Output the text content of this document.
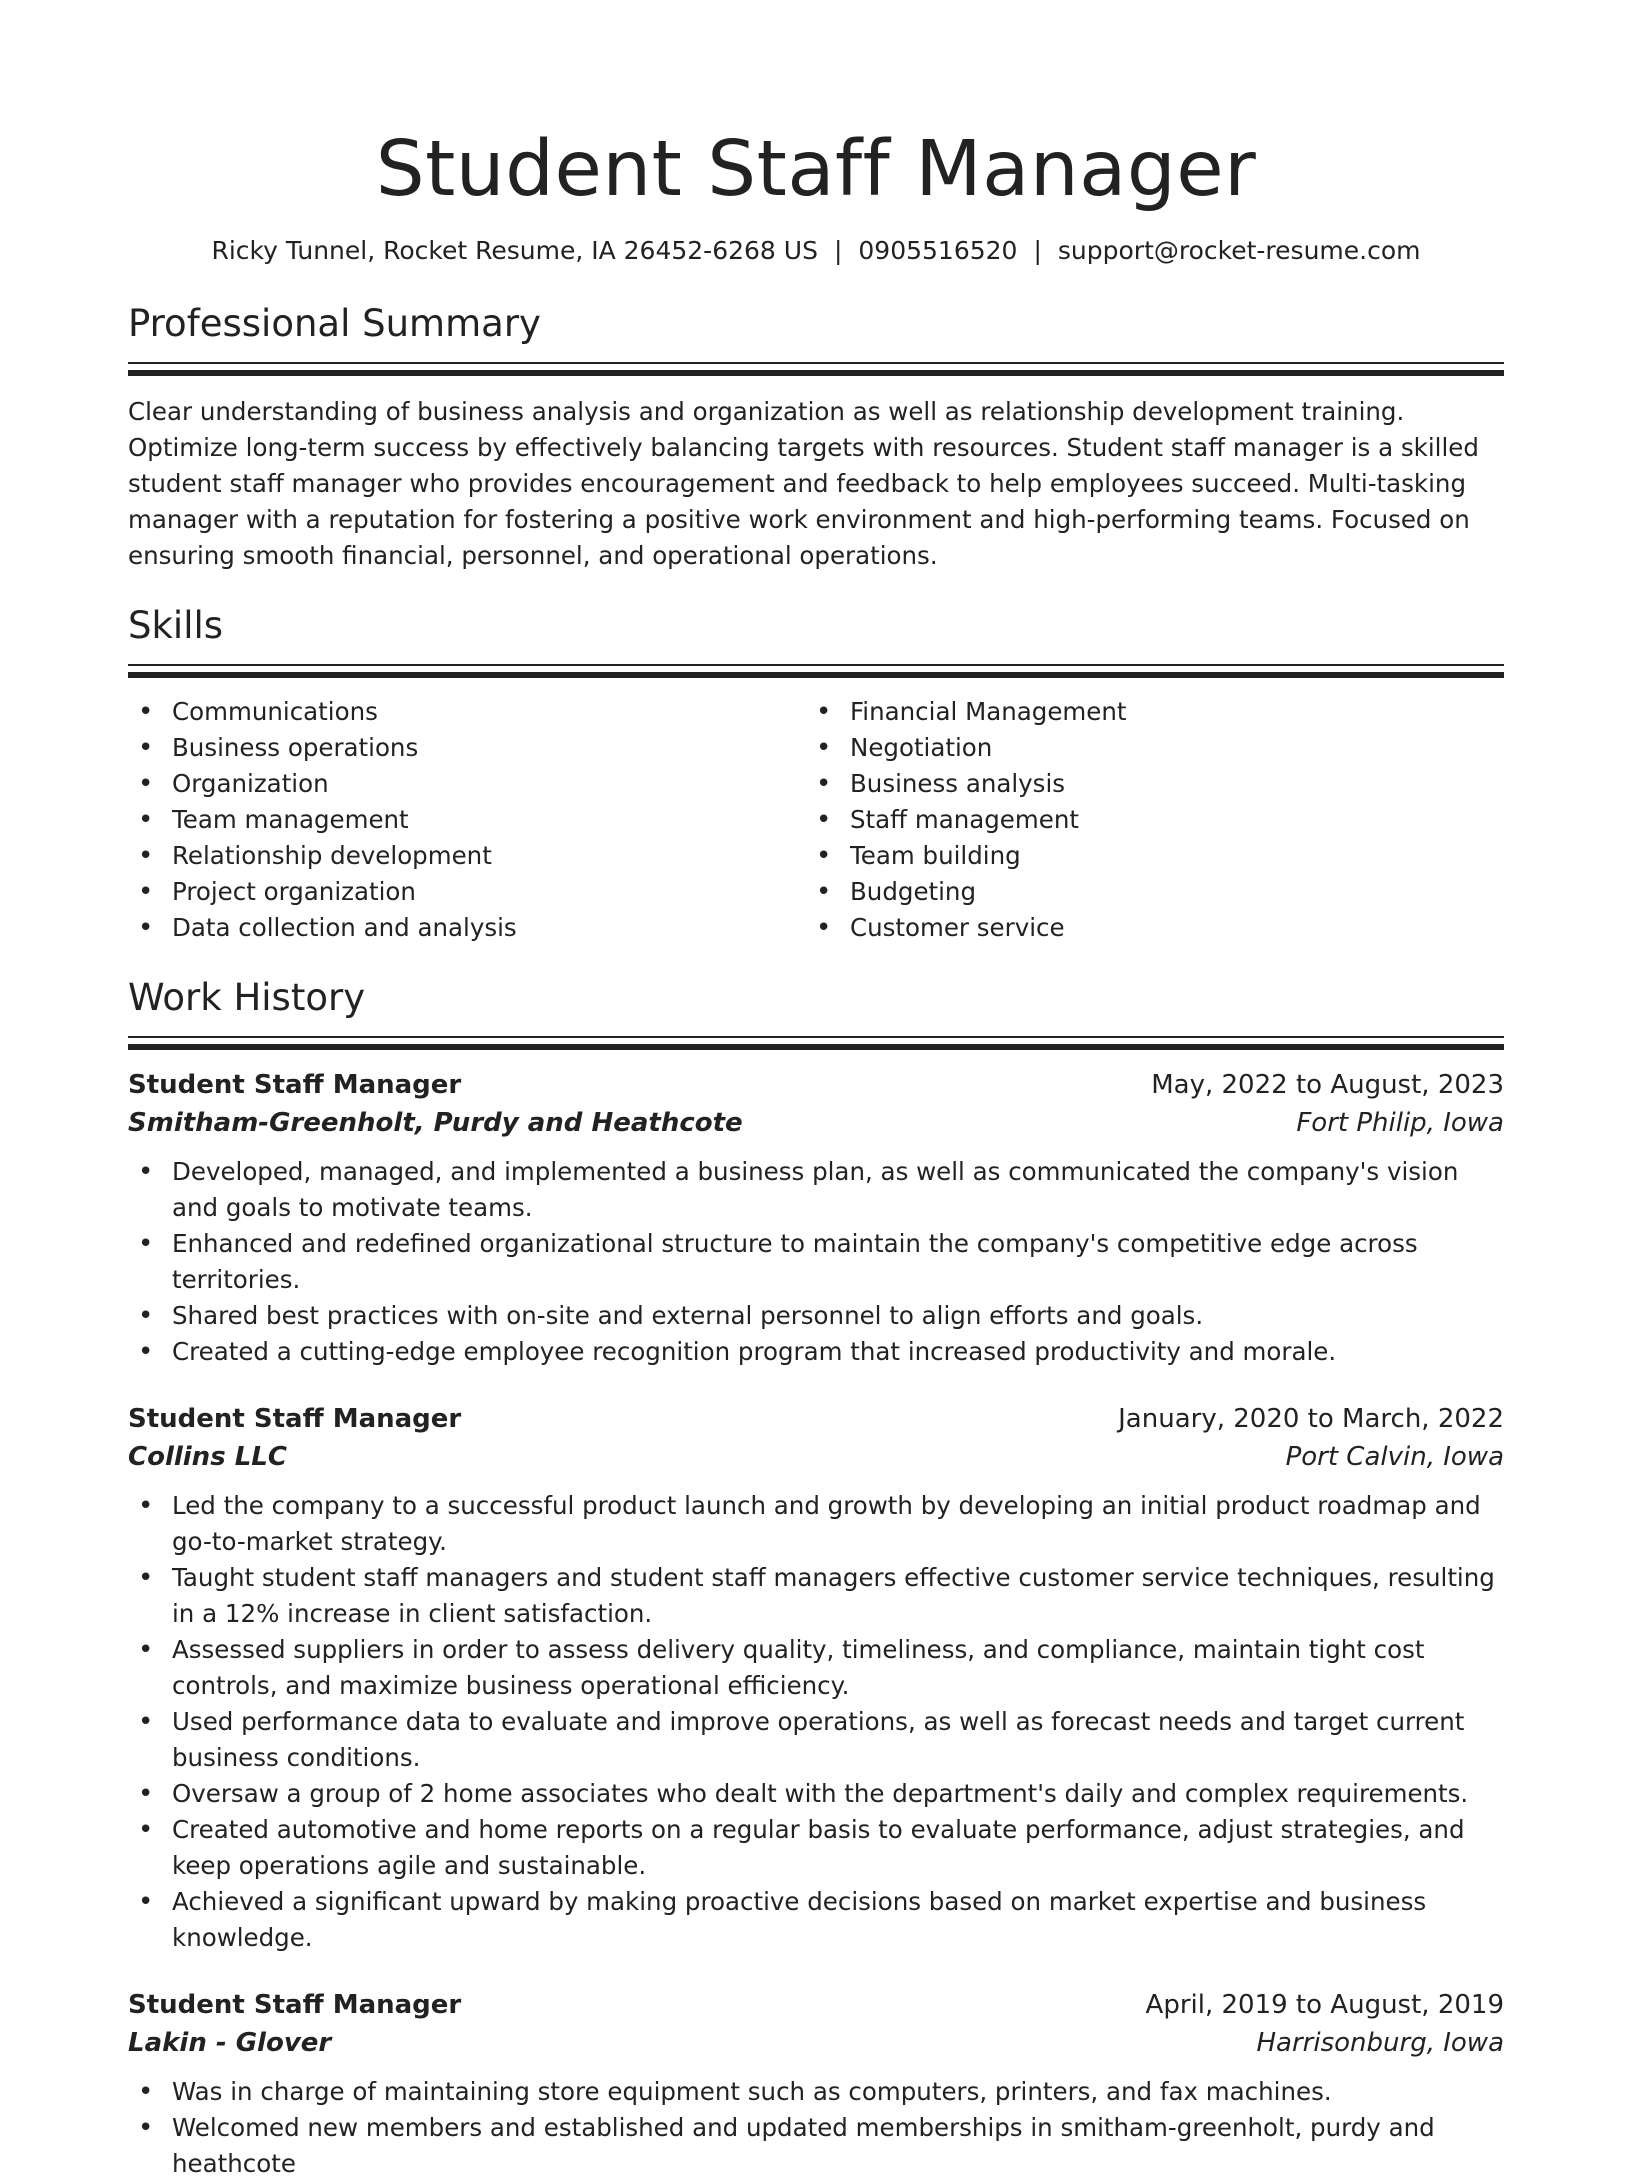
Student Staff Manager
Ricky Tunnel, Rocket Resume, IA 26452-6268 US | 0905516520 | support@rocket-resume.com
Professional Summary

Clear understanding of business analysis and organization as well as relationship development training. Optimize long-term success by effectively balancing targets with resources. Student staff manager is a skilled student staff manager who provides encouragement and feedback to help employees succeed. Multi-tasking manager with a reputation for fostering a positive work environment and high-performing teams. Focused on ensuring smooth financial, personnel, and operational operations.

Skills
• Communications
• Business operations
• Organization
• Team management
• Relationship development
• Project organization
• Data collection and analysis
• Financial Management
• Negotiation
• Business analysis
• Staff management
• Team building
• Budgeting
• Customer service
Work History
Student Staff Manager	May, 2022 to August, 2023
Smitham-Greenholt, Purdy and Heathcote	Fort Philip, Iowa
• Developed, managed, and implemented a business plan, as well as communicated the company's vision and goals to motivate teams.
• Enhanced and redefined organizational structure to maintain the company's competitive edge across territories.
• Shared best practices with on-site and external personnel to align efforts and goals.
• Created a cutting-edge employee recognition program that increased productivity and morale.
Student Staff Manager	January, 2020 to March, 2022
Collins LLC	Port Calvin, Iowa
• Led the company to a successful product launch and growth by developing an initial product roadmap and go-to-market strategy.
• Taught student staff managers and student staff managers effective customer service techniques, resulting in a 12% increase in client satisfaction.
• Assessed suppliers in order to assess delivery quality, timeliness, and compliance, maintain tight cost controls, and maximize business operational efficiency.
• Used performance data to evaluate and improve operations, as well as forecast needs and target current business conditions.
• Oversaw a group of 2 home associates who dealt with the department's daily and complex requirements.
• Created automotive and home reports on a regular basis to evaluate performance, adjust strategies, and keep operations agile and sustainable.
• Achieved a significant upward by making proactive decisions based on market expertise and business knowledge.
Student Staff Manager	April, 2019 to August, 2019
Lakin - Glover	Harrisonburg, Iowa
• Was in charge of maintaining store equipment such as computers, printers, and fax machines.
• Welcomed new members and established and updated memberships in smitham-greenholt, purdy and heathcote
